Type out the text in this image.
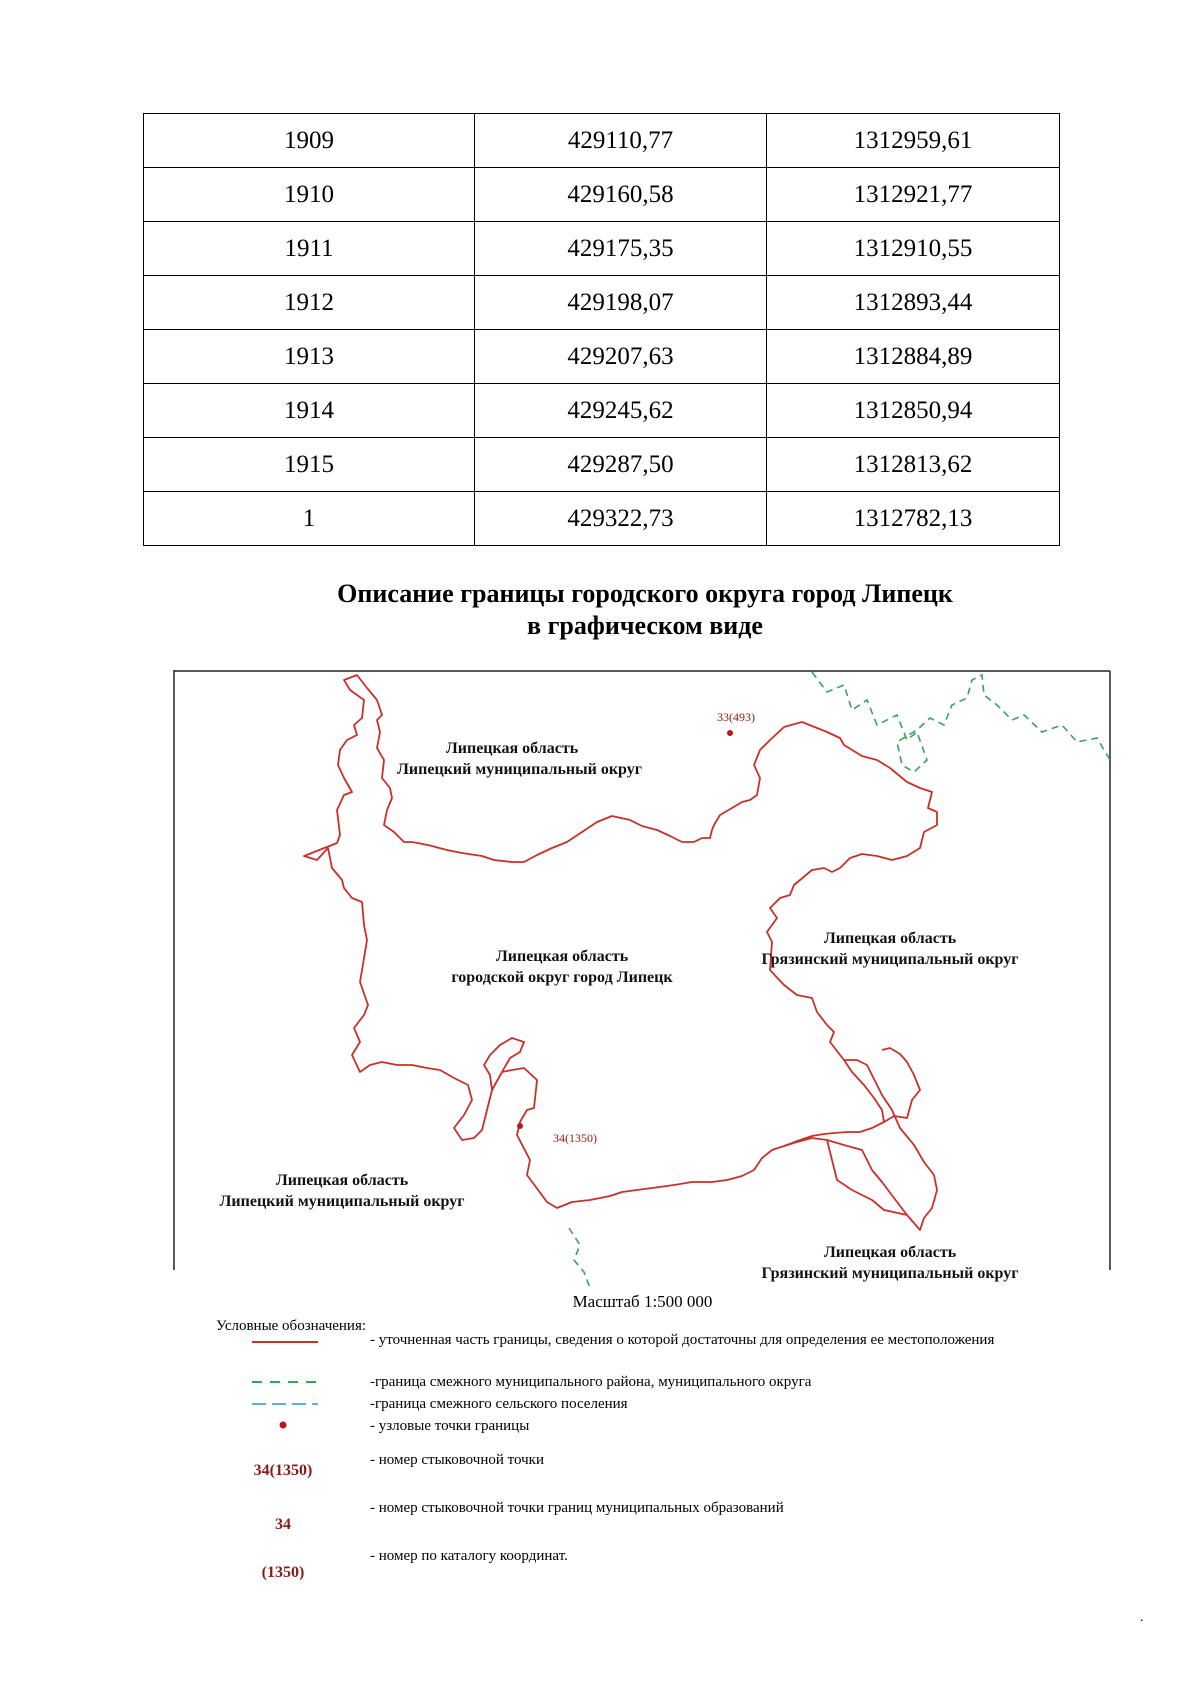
1909	429110,77	1312959,61
1910	429160,58	1312921,77
1911	429175,35	1312910,55
1912	429198,07	1312893,44
1913	429207,63	1312884,89
1914	429245,62	1312850,94
1915	429287,50	1312813,62
1	429322,73	1312782,13
Описание границы городского округа город Липецк
в графическом виде
33(493)
34(1350)
Липецкая область
Липецкий муниципальный округ
Липецкая область
городской округ город Липецк
Липецкая область
Грязинский муниципальный округ
Липецкая область
Липецкий муниципальный округ
Липецкая область
Грязинский муниципальный округ
Масштаб 1:500 000
Условные обозначения:
- уточненная часть границы, сведения о которой достаточны для определения ее местоположения
-граница смежного муниципального района, муниципального округа
-граница смежного сельского поселения
- узловые точки границы
34(1350)
- номер стыковочной точки
34
- номер стыковочной точки границ муниципальных образований
(1350)
- номер по каталогу координат.
.
